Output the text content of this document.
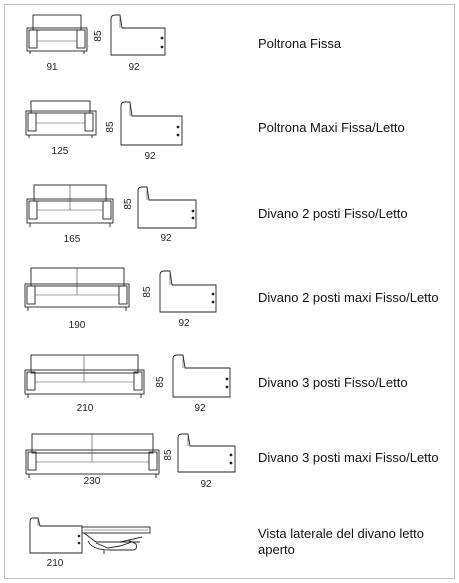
91
85
92
Poltrona Fissa
125
85
92
Poltrona Maxi Fissa/Letto
165
85
92
Divano 2 posti Fisso/Letto
190
85
92
Divano 2 posti maxi Fisso/Letto
210
85
92
Divano 3 posti Fisso/Letto
230
85
92
Divano 3 posti maxi Fisso/Letto
210
Vista laterale del divano letto aperto
